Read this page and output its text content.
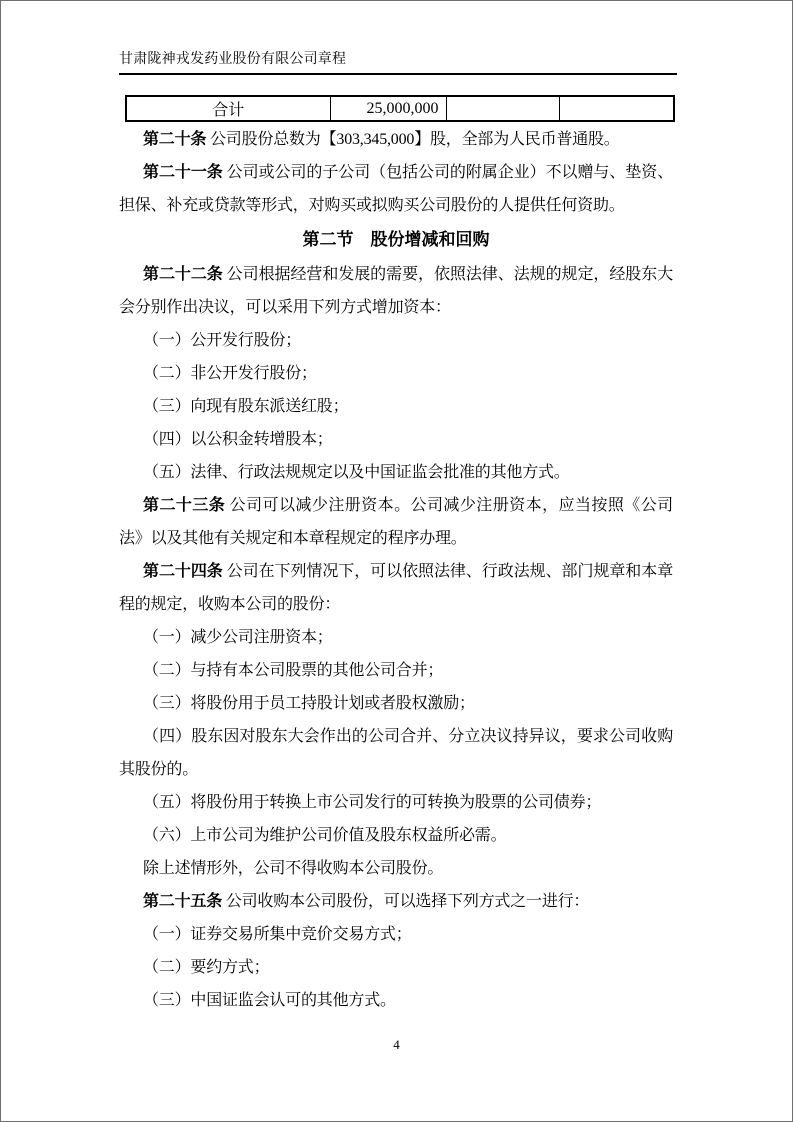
甘肃陇神戎发药业股份有限公司章程
合计	25,000,000		

第二十条 公司股份总数为【303,345,000】股，全部为人民币普通股。

第二十一条 公司或公司的子公司（包括公司的附属企业）不以赠与、垫资、担保、补充或贷款等形式，对购买或拟购买公司股份的人提供任何资助。

第二节　股份增减和回购

第二十二条 公司根据经营和发展的需要，依照法律、法规的规定，经股东大会分别作出决议，可以采用下列方式增加资本：

（一）公开发行股份；

（二）非公开发行股份；

（三）向现有股东派送红股；

（四）以公积金转增股本；

（五）法律、行政法规规定以及中国证监会批准的其他方式。

第二十三条 公司可以减少注册资本。公司减少注册资本，应当按照《公司法》以及其他有关规定和本章程规定的程序办理。

第二十四条 公司在下列情况下，可以依照法律、行政法规、部门规章和本章程的规定，收购本公司的股份：

（一）减少公司注册资本；

（二）与持有本公司股票的其他公司合并；

（三）将股份用于员工持股计划或者股权激励；

（四）股东因对股东大会作出的公司合并、分立决议持异议，要求公司收购其股份的。

（五）将股份用于转换上市公司发行的可转换为股票的公司债券；

（六）上市公司为维护公司价值及股东权益所必需。

除上述情形外，公司不得收购本公司股份。

第二十五条 公司收购本公司股份，可以选择下列方式之一进行：

（一）证券交易所集中竞价交易方式；

（二）要约方式；

（三）中国证监会认可的其他方式。

4
